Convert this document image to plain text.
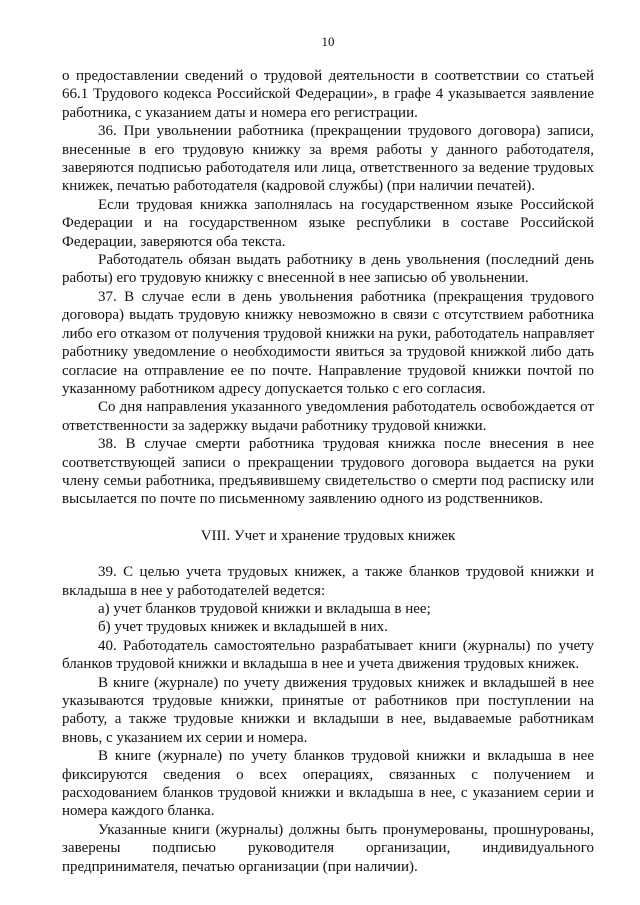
10

о предоставлении сведений о трудовой деятельности в соответствии со статьей 66.1 Трудового кодекса Российской Федерации», в графе 4 указывается заявление работника, с указанием даты и номера его регистрации.

36. При увольнении работника (прекращении трудового договора) записи, внесенные в его трудовую книжку за время работы у данного работодателя, заверяются подписью работодателя или лица, ответственного за ведение трудовых книжек, печатью работодателя (кадровой службы) (при наличии печатей).

Если трудовая книжка заполнялась на государственном языке Российской Федерации и на государственном языке республики в составе Российской Федерации, заверяются оба текста.

Работодатель обязан выдать работнику в день увольнения (последний день работы) его трудовую книжку с внесенной в нее записью об увольнении.

37. В случае если в день увольнения работника (прекращения трудового договора) выдать трудовую книжку невозможно в связи с отсутствием работника либо его отказом от получения трудовой книжки на руки, работодатель направляет работнику уведомление о необходимости явиться за трудовой книжкой либо дать согласие на отправление ее по почте. Направление трудовой книжки почтой по указанному работником адресу допускается только с его согласия.

Со дня направления указанного уведомления работодатель освобождается от ответственности за задержку выдачи работнику трудовой книжки.

38. В случае смерти работника трудовая книжка после внесения в нее соответствующей записи о прекращении трудового договора выдается на руки члену семьи работника, предъявившему свидетельство о смерти под расписку или высылается по почте по письменному заявлению одного из родственников.

VIII. Учет и хранение трудовых книжек

39. С целью учета трудовых книжек, а также бланков трудовой книжки и вкладыша в нее у работодателей ведется:

а) учет бланков трудовой книжки и вкладыша в нее;

б) учет трудовых книжек и вкладышей в них.

40. Работодатель самостоятельно разрабатывает книги (журналы) по учету бланков трудовой книжки и вкладыша в нее и учета движения трудовых книжек.

В книге (журнале) по учету движения трудовых книжек и вкладышей в нее указываются трудовые книжки, принятые от работников при поступлении на работу, а также трудовые книжки и вкладыши в нее, выдаваемые работникам вновь, с указанием их серии и номера.

В книге (журнале) по учету бланков трудовой книжки и вкладыша в нее фиксируются сведения о всех операциях, связанных с получением и расходованием бланков трудовой книжки и вкладыша в нее, с указанием серии и номера каждого бланка.

Указанные книги (журналы) должны быть пронумерованы, прошнурованы, заверены подписью руководителя организации, индивидуального предпринимателя, печатью организации (при наличии).
